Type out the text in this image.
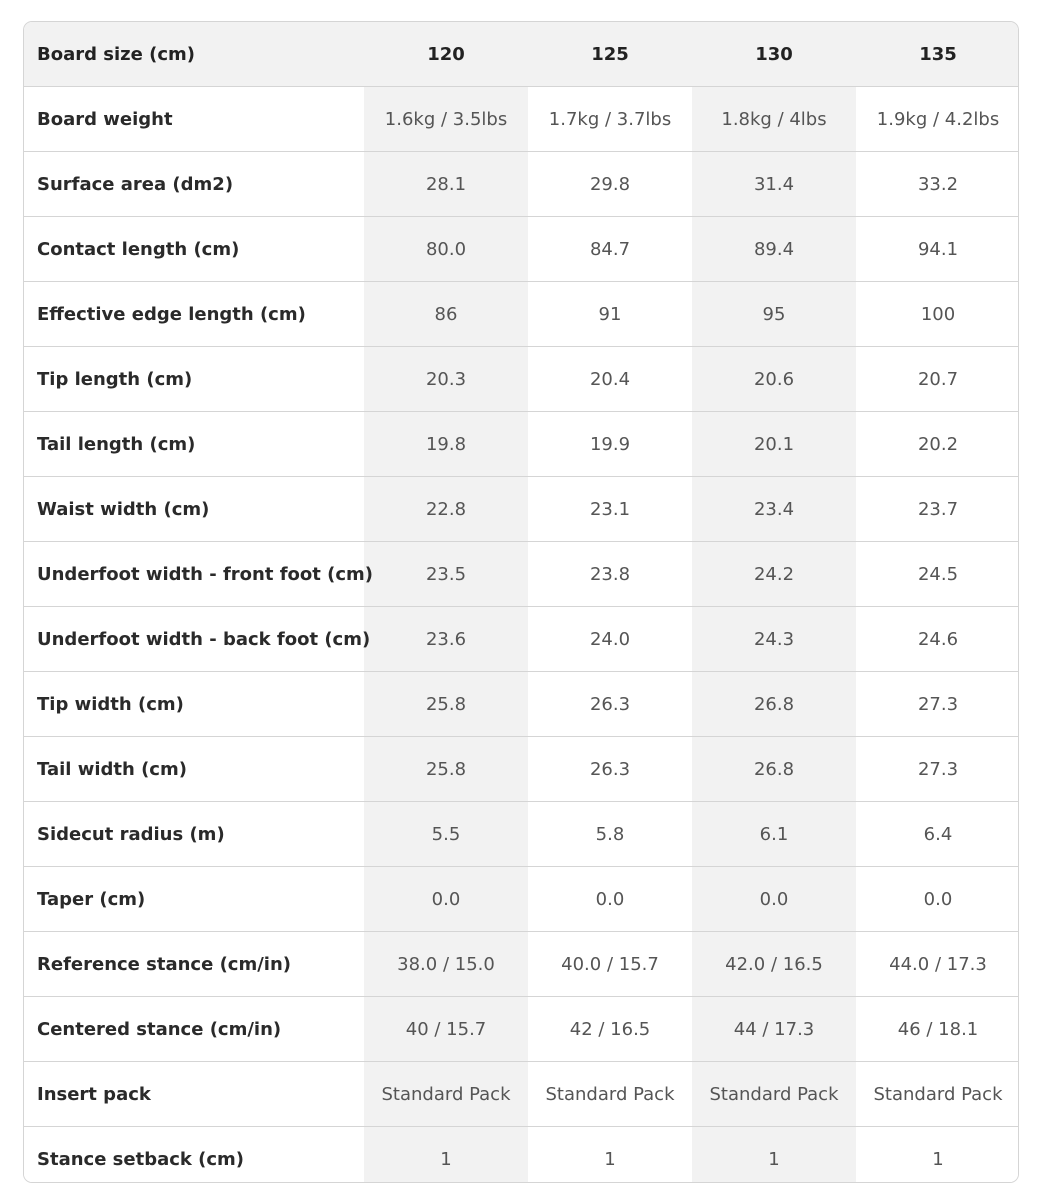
Board size (cm)	120	125	130	135
Board weight	1.6kg / 3.5lbs	1.7kg / 3.7lbs	1.8kg / 4lbs	1.9kg / 4.2lbs
Surface area (dm2)	28.1	29.8	31.4	33.2
Contact length (cm)	80.0	84.7	89.4	94.1
Effective edge length (cm)	86	91	95	100
Tip length (cm)	20.3	20.4	20.6	20.7
Tail length (cm)	19.8	19.9	20.1	20.2
Waist width (cm)	22.8	23.1	23.4	23.7
Underfoot width - front foot (cm)	23.5	23.8	24.2	24.5
Underfoot width - back foot (cm)	23.6	24.0	24.3	24.6
Tip width (cm)	25.8	26.3	26.8	27.3
Tail width (cm)	25.8	26.3	26.8	27.3
Sidecut radius (m)	5.5	5.8	6.1	6.4
Taper (cm)	0.0	0.0	0.0	0.0
Reference stance (cm/in)	38.0 / 15.0	40.0 / 15.7	42.0 / 16.5	44.0 / 17.3
Centered stance (cm/in)	40 / 15.7	42 / 16.5	44 / 17.3	46 / 18.1
Insert pack	Standard Pack	Standard Pack	Standard Pack	Standard Pack
Stance setback (cm)	1	1	1	1
